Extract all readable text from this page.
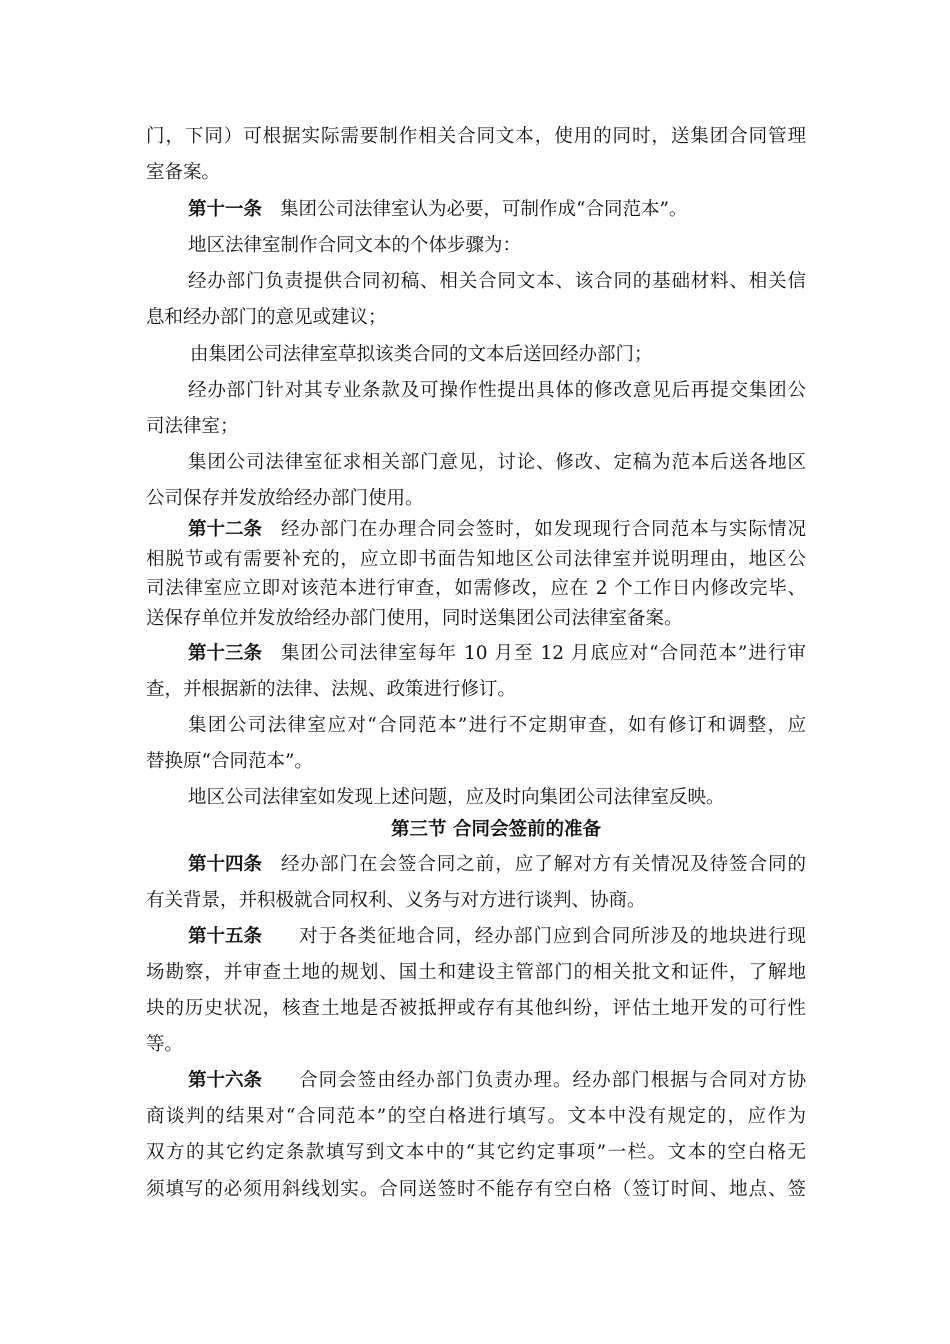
门，下同）可根据实际需要制作相关合同文本，使用的同时，送集团合同管理
室备案。
第十一条 集团公司法律室认为必要，可制作成“合同范本”。
地区法律室制作合同文本的个体步骤为：
经办部门负责提供合同初稿、相关合同文本、该合同的基础材料、相关信
息和经办部门的意见或建议；
由集团公司法律室草拟该类合同的文本后送回经办部门；
经办部门针对其专业条款及可操作性提出具体的修改意见后再提交集团公
司法律室；
集团公司法律室征求相关部门意见，讨论、修改、定稿为范本后送各地区
公司保存并发放给经办部门使用。
第十二条 经办部门在办理合同会签时，如发现现行合同范本与实际情况
相脱节或有需要补充的，应立即书面告知地区公司法律室并说明理由，地区公
司法律室应立即对该范本进行审查，如需修改，应在 2 个工作日内修改完毕、
送保存单位并发放给经办部门使用，同时送集团公司法律室备案。
第十三条 集团公司法律室每年 10 月至 12 月底应对“合同范本”进行审
查，并根据新的法律、法规、政策进行修订。
集团公司法律室应对“合同范本”进行不定期审查，如有修订和调整，应
替换原“合同范本”。
地区公司法律室如发现上述问题，应及时向集团公司法律室反映。
第三节 合同会签前的准备
第十四条 经办部门在会签合同之前，应了解对方有关情况及待签合同的
有关背景，并积极就合同权利、义务与对方进行谈判、协商。
第十五条 对于各类征地合同，经办部门应到合同所涉及的地块进行现
场勘察，并审查土地的规划、国土和建设主管部门的相关批文和证件，了解地
块的历史状况，核查土地是否被抵押或存有其他纠纷，评估土地开发的可行性
等。
第十六条 合同会签由经办部门负责办理。经办部门根据与合同对方协
商谈判的结果对“合同范本”的空白格进行填写。文本中没有规定的，应作为
双方的其它约定条款填写到文本中的“其它约定事项”一栏。文本的空白格无
须填写的必须用斜线划实。合同送签时不能存有空白格（签订时间、地点、签
